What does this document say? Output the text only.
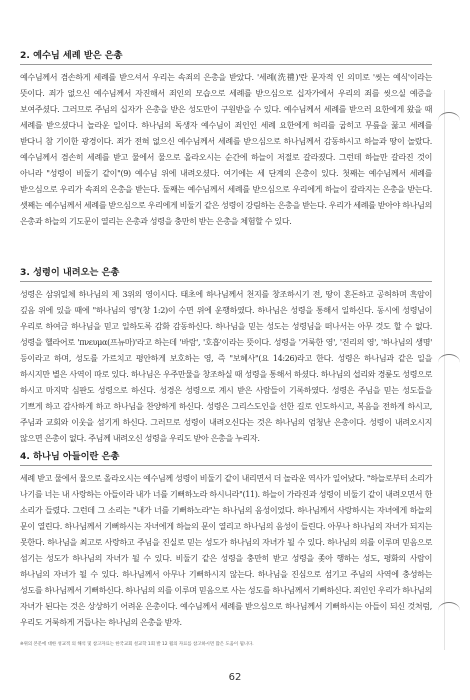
2. 예수님 세례 받은 은총

예수님께서 겸손하게 세례를 받으셔서 우리는 속죄의 은총을 받았다. '세례(洗禮)'란 문자적 인 의미로 '씻는 예식'이라는 뜻이다. 죄가 없으신 예수님께서 자진해서 죄인의 모습으로 세례를 받으심으로 십자가에서 우리의 죄를 씻으실 예증을 보여주셨다. 그러므로 주님의 십자가 은총을 받은 성도만이 구원받을 수 있다. 예수님께서 세례를 받으러 요한에게 왔을 때 세례를 받으셨다니 놀라운 일이다. 하나님의 독생자 예수님이 죄인인 세례 요한에게 허리를 굽히고 무릎을 꿇고 세례를 받다니 참 기이한 광경이다. 죄가 전혀 없으신 예수님께서 세례를 받으심으로 하나님께서 감동하시고 하늘과 땅이 놀랐다. 예수님께서 겸손히 세례를 받고 물에서 물으로 올라오시는 순간에 하늘이 저절로 갈라졌다. 그런데 하늘만 갈라진 것이 아니라 "성령이 비둘기 같이"(9) 예수님 위에 내려오셨다. 여기에는 세 단계의 은총이 있다. 첫째는 예수님께서 세례를 받으심으로 우리가 속죄의 은총을 받는다. 둘째는 예수님께서 세례를 받으심으로 우리에게 하늘이 갈라지는 은총을 받는다. 셋째는 예수님께서 세례를 받으심으로 우리에게 비둘기 같은 성령이 강림하는 은총을 받는다. 우리가 세례를 받아야 하나님의 은총과 하늘의 기도문이 열리는 은총과 성령을 충만히 받는 은총을 체험할 수 있다.

3. 성령이 내려오는 은총

성령은 삼위일체 하나님의 제 3위의 영이시다. 태초에 하나님께서 천지를 창조하시기 전, 땅이 혼돈하고 공허하며 흑암이 깊음 위에 있을 때에 "하나님의 영"(창 1:2)이 수면 위에 운행하였다. 하나님은 성령을 통해서 일하신다. 동시에 성령님이 우리로 하여금 하나님을 믿고 일하도록 감화 감동하신다. 하나님을 믿는 성도는 성령님을 떠나서는 아무 것도 할 수 없다. 성령을 헬라어로 'πνευμα(프뉴마)'라고 하는데 '바람', '호흡'이라는 뜻이다. 성령을 '거룩한 영', '진리의 영', '하나님의 생명' 등이라고 하며, 성도를 가르치고 평안하게 보호하는 영, 즉 "보혜사"(요 14:26)라고 한다. 성령은 하나님과 같은 일을 하시지만 별은 사역이 따로 있다. 하나님은 우주만물을 창조하실 때 성령을 통해서 하셨다. 하나님의 섭리와 경륜도 성령으로 하시고 마지막 심판도 성령으로 하신다. 성경은 성령으로 계시 받은 사람들이 기록하였다. 성령은 주님을 믿는 성도들을 기쁘게 하고 감사하게 하고 하나님을 찬양하게 하신다. 성령은 그리스도인을 선한 길로 인도하시고, 복음을 전하게 하시고, 주님과 교회와 이웃을 섬기게 하신다. 그러므로 성령이 내려오신다는 것은 하나님의 엄청난 은총이다. 성령이 내려오시지 않으면 은총이 없다. 주님께 내려오신 성령을 우리도 받아 은총을 누리자.

4. 하나님 아들이란 은총

세례 받고 물에서 물으로 올라오시는 예수님께 성령이 비둘기 같이 내리면서 더 놀라운 역사가 일어났다. "하늘로부터 소리가 나기를 너는 내 사랑하는 아들이라 내가 너를 기뻐하노라 하시니라"(11). 하늘이 가라진과 성령이 비둘기 같이 내려오면서 한 소리가 들렸다. 그런데 그 소리는 "내가 너를 기뻐하노라"는 하나님의 음성이었다. 하나님께서 사랑하시는 자녀에게 하늘의 문이 열린다. 하나님께서 기뻐하시는 자녀에게 하늘의 문이 열리고 하나님의 음성이 들린다. 아무나 하나님의 자녀가 되지는 못한다. 하나님을 최고로 사랑하고 주님을 진실로 믿는 성도가 하나님의 자녀가 될 수 있다. 하나님의 의를 이루며 믿음으로 섬기는 성도가 하나님의 자녀가 될 수 있다. 비둘기 같은 성령을 충만히 받고 성령을 좇아 행하는 성도, 평화의 사람이 하나님의 자녀가 될 수 있다. 하나님께서 아무나 기뻐하시지 않는다. 하나님을 진심으로 섬기고 주님의 사역에 충성하는 성도를 하나님께서 기뻐하신다. 하나님의 의를 이루며 믿음으로 사는 성도를 하나님께서 기뻐하신다. 죄인인 우리가 하나님의 자녀가 된다는 것은 상상하기 어려운 은총이다. 예수님께서 세례를 받으심으로 하나님께서 기뻐하시는 아들이 되신 것처럼, 우리도 거룩하게 거듭나는 하나님의 은총을 받자.

※위의 본문에 대한 성교적 의 해석 및 참고자료는 한국교회 설교학 1회 발 12 월의 자료를 참고하시면 많은 도움이 됩니다.
62
